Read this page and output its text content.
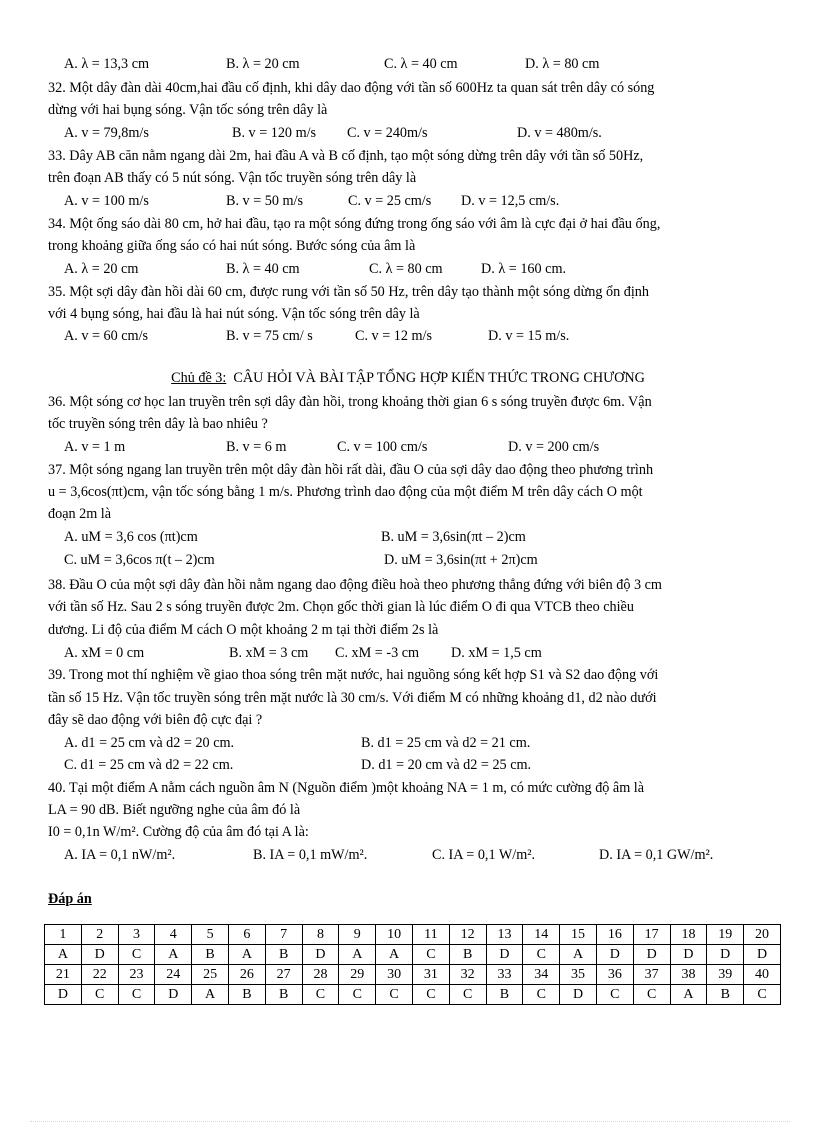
A. λ = 13,3 cm	B. λ = 20 cm	C. λ = 40 cm	D. λ = 80 cm
32. Một dây đàn dài 40cm,hai đầu cố định, khi dây dao động với tần số 600Hz ta quan sát trên dây có sóng
dừng với hai bụng sóng. Vận tốc sóng trên dây là
A. v = 79,8m/s	B. v = 120 m/s C. v = 240m/s	D. v = 480m/s.
33. Dây AB căn nằm ngang dài 2m, hai đầu A và B cố định, tạo một sóng dừng trên dây với tần số 50Hz,
trên đoạn AB thấy có 5 nút sóng. Vận tốc truyền sóng trên dây là
A. v = 100 m/s	B. v = 50 m/s	C. v = 25 cm/s D. v = 12,5 cm/s.
34. Một ống sáo dài 80 cm, hở hai đầu, tạo ra một sóng đứng trong ống sáo với âm là cực đại ở hai đầu ống,
trong khoảng giữa ống sáo có hai nút sóng. Bước sóng của âm là
A. λ = 20 cm	B. λ = 40 cm	C. λ = 80 cm	D. λ = 160 cm.
35. Một sợi dây đàn hồi dài 60 cm, được rung với tần số 50 Hz, trên dây tạo thành một sóng dừng ổn định
với 4 bụng sóng, hai đầu là hai nút sóng. Vận tốc sóng trên dây là
A. v = 60 cm/s	B. v = 75 cm/ s	C. v = 12 m/s	D. v = 15 m/s.
Chủ đề 3: CÂU HỎI VÀ BÀI TẬP TỔNG HỢP KIẾN THỨC TRONG CHƯƠNG
36. Một sóng cơ học lan truyền trên sợi dây đàn hồi, trong khoảng thời gian 6 s sóng truyền được 6m. Vận
tốc truyền sóng trên dây là bao nhiêu ?
A. v = 1 m	B. v = 6 m	C. v = 100 cm/s	D. v = 200 cm/s
37. Một sóng ngang lan truyền trên một dây đàn hồi rất dài, đầu O của sợi dây dao động theo phương trình
u = 3,6cos(πt)cm, vận tốc sóng bằng 1 m/s. Phương trình dao động của một điểm M trên dây cách O một
đoạn 2m là
A. uM = 3,6 cos (πt)cm	B. uM = 3,6sin(πt – 2)cm
C. uM = 3,6cos π(t – 2)cm	D. uM = 3,6sin(πt + 2π)cm
38. Đầu O của một sợi dây đàn hồi nằm ngang dao động điều hoà theo phương thẳng đứng với biên độ 3 cm
với tần số Hz. Sau 2 s sóng truyền được 2m. Chọn gốc thời gian là lúc điểm O đi qua VTCB theo chiều
dương. Li độ của điểm M cách O một khoảng 2 m tại thời điểm 2s là
A. xM = 0 cm	B. xM = 3 cm C. xM = -3 cm D. xM = 1,5 cm
39. Trong mot thí nghiệm về giao thoa sóng trên mặt nước, hai nguồng sóng kết hợp S1 và S2 dao động với
tần số 15 Hz. Vận tốc truyền sóng trên mặt nước là 30 cm/s. Với điểm M có những khoảng d1, d2 nào dưới
đây sẽ dao động với biên độ cực đại ?
A. d1 = 25 cm và d2 = 20 cm.	B. d1 = 25 cm và d2 = 21 cm.
C. d1 = 25 cm và d2 = 22 cm.	D. d1 = 20 cm và d2 = 25 cm.
40. Tại một điểm A nằm cách nguồn âm N (Nguồn điểm )một khoảng NA = 1 m, có mức cường độ âm là
LA = 90 dB. Biết ngưỡng nghe của âm đó là
I0 = 0,1n W/m². Cường độ của âm đó tại A là:
A. IA = 0,1 nW/m².	B. IA = 0,1 mW/m².	C. IA = 0,1 W/m².	D. IA = 0,1 GW/m².
Đáp án
1	2	3	4	5	6	7	8	9	10	11	12	13	14	15	16	17	18	19	20
A	D	C	A	B	A	B	D	A	A	C	B	D	C	A	D	D	D	D	D
21	22	23	24	25	26	27	28	29	30	31	32	33	34	35	36	37	38	39	40
D	C	C	D	A	B	B	C	C	C	C	C	B	C	D	C	C	A	B	C
